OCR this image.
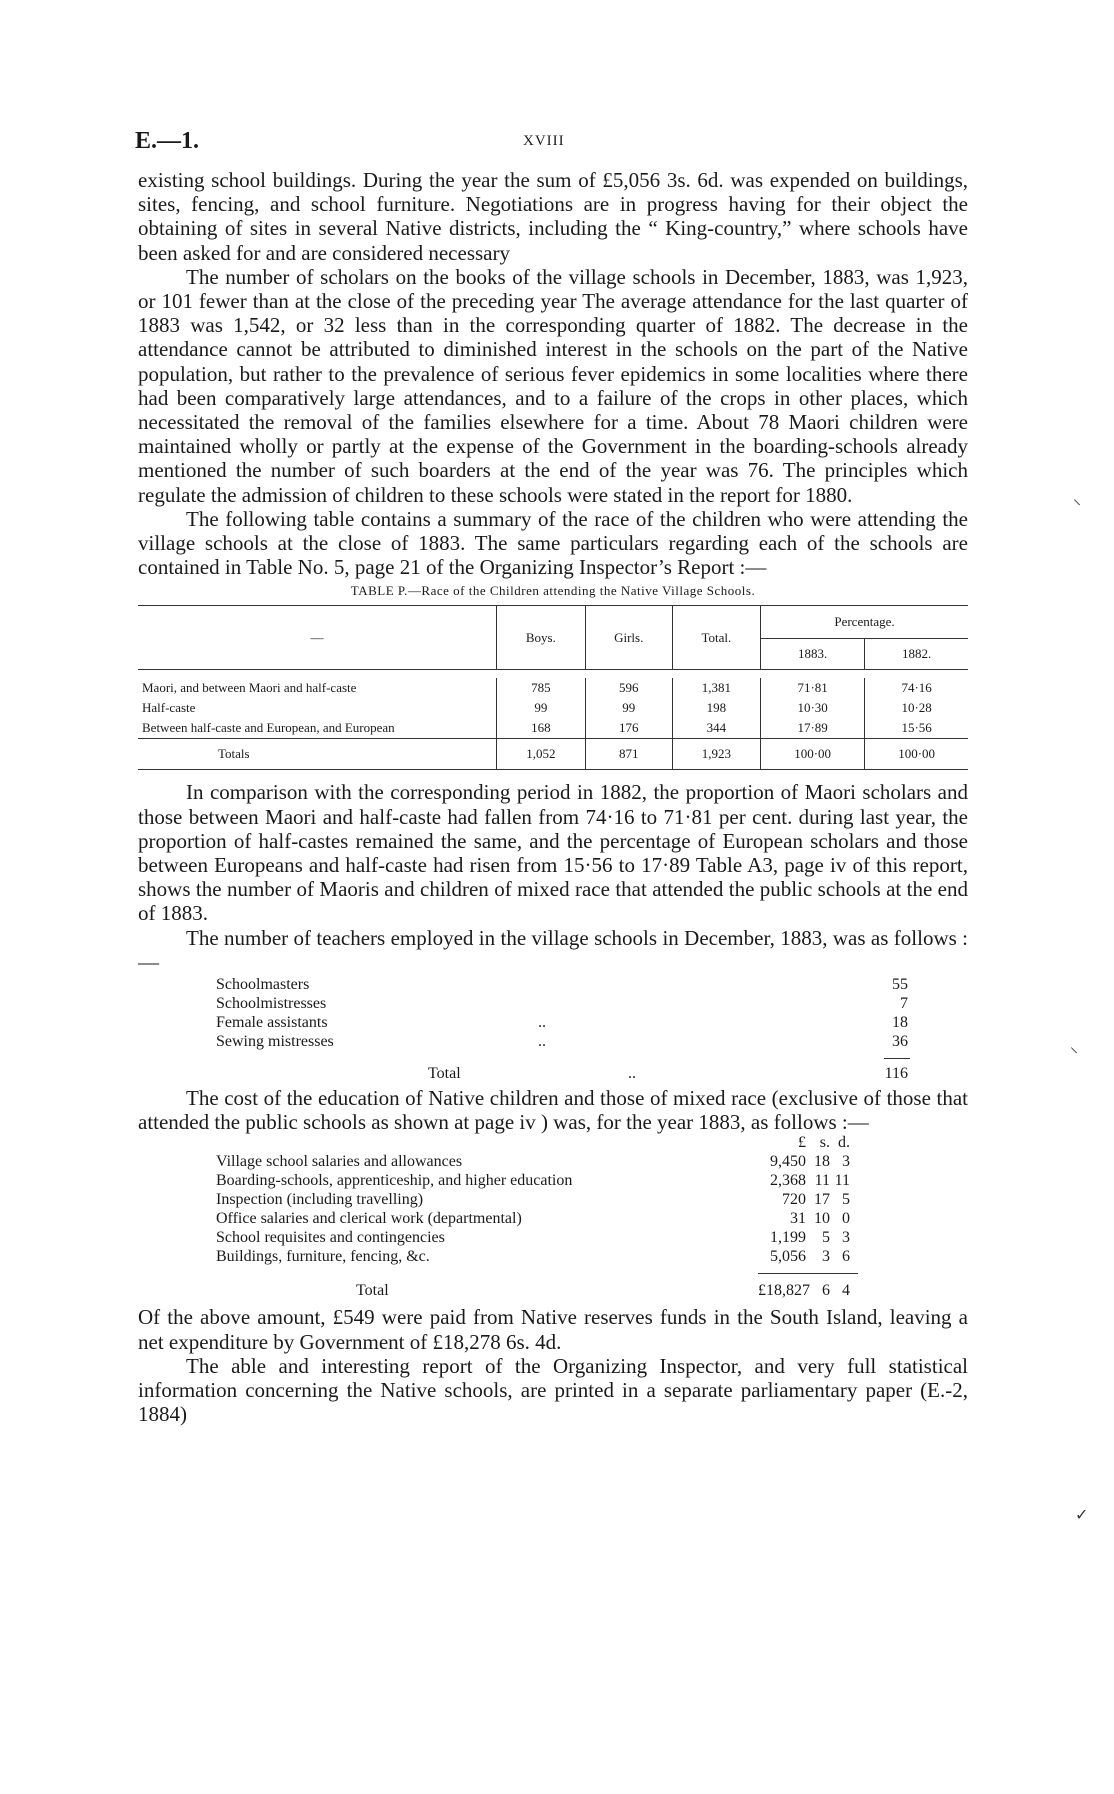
E.—1.	XVIII

existing school buildings. During the year the sum of £5,056 3s. 6d. was expended on buildings, sites, fencing, and school furniture. Negotiations are in progress having for their object the obtaining of sites in several Native districts, including the “ King-country,” where schools have been asked for and are considered necessary

The number of scholars on the books of the village schools in December, 1883, was 1,923, or 101 fewer than at the close of the preceding year The average attendance for the last quarter of 1883 was 1,542, or 32 less than in the corresponding quarter of 1882. The decrease in the attendance cannot be attributed to diminished interest in the schools on the part of the Native population, but rather to the prevalence of serious fever epidemics in some localities where there had been comparatively large attendances, and to a failure of the crops in other places, which necessitated the removal of the families elsewhere for a time. About 78 Maori children were maintained wholly or partly at the expense of the Government in the boarding-schools already mentioned the number of such boarders at the end of the year was 76. The principles which regulate the admission of children to these schools were stated in the report for 1880.

The following table contains a summary of the race of the children who were attending the village schools at the close of 1883. The same particulars regarding each of the schools are contained in Table No. 5, page 21 of the Organizing Inspector’s Report :—

TABLE P.—Race of the Children attending the Native Village Schools.
—	Boys.	Girls.	Total.	Percentage.	
				1883.	1882.

Maori, and between Maori and half-caste	785	596	1,381	71·81	74·16
Half-caste	99	99	198	10·30	10·28
Between half-caste and European, and European	168	176	344	17·89	15·56
Totals	1,052	871	1,923	100·00	100·00

In comparison with the corresponding period in 1882, the proportion of Maori scholars and those between Maori and half-caste had fallen from 74·16 to 71·81 per cent. during last year, the proportion of half-castes remained the same, and the percentage of European scholars and those between Europeans and half-caste had risen from 15·56 to 17·89 Table A3, page iv of this report, shows the number of Maoris and children of mixed race that attended the public schools at the end of 1883.

The number of teachers employed in the village schools in December, 1883, was as follows :—

Schoolmasters	55
Schoolmistresses	7
Female assistants	..	18
Sewing mistresses	..	36
Total	..	116

The cost of the education of Native children and those of mixed race (exclusive of those that attended the public schools as shown at page iv ) was, for the year 1883, as follows :—

£ s. d.
Village school salaries and allowances	9,450 18 3
Boarding-schools, apprenticeship, and higher education	2,368 11 11
Inspection (including travelling)	720 17 5
Office salaries and clerical work (departmental)	31 10 0
School requisites and contingencies	1,199 5 3
Buildings, furniture, fencing, &c.	5,056 3 6
Total	£18,827 6 4

Of the above amount, £549 were paid from Native reserves funds in the South Island, leaving a net expenditure by Government of £18,278 6s. 4d.

The able and interesting report of the Organizing Inspector, and very full statistical information concerning the Native schools, are printed in a separate parliamentary paper (E.-2, 1884)

⸜
⸜
✓
